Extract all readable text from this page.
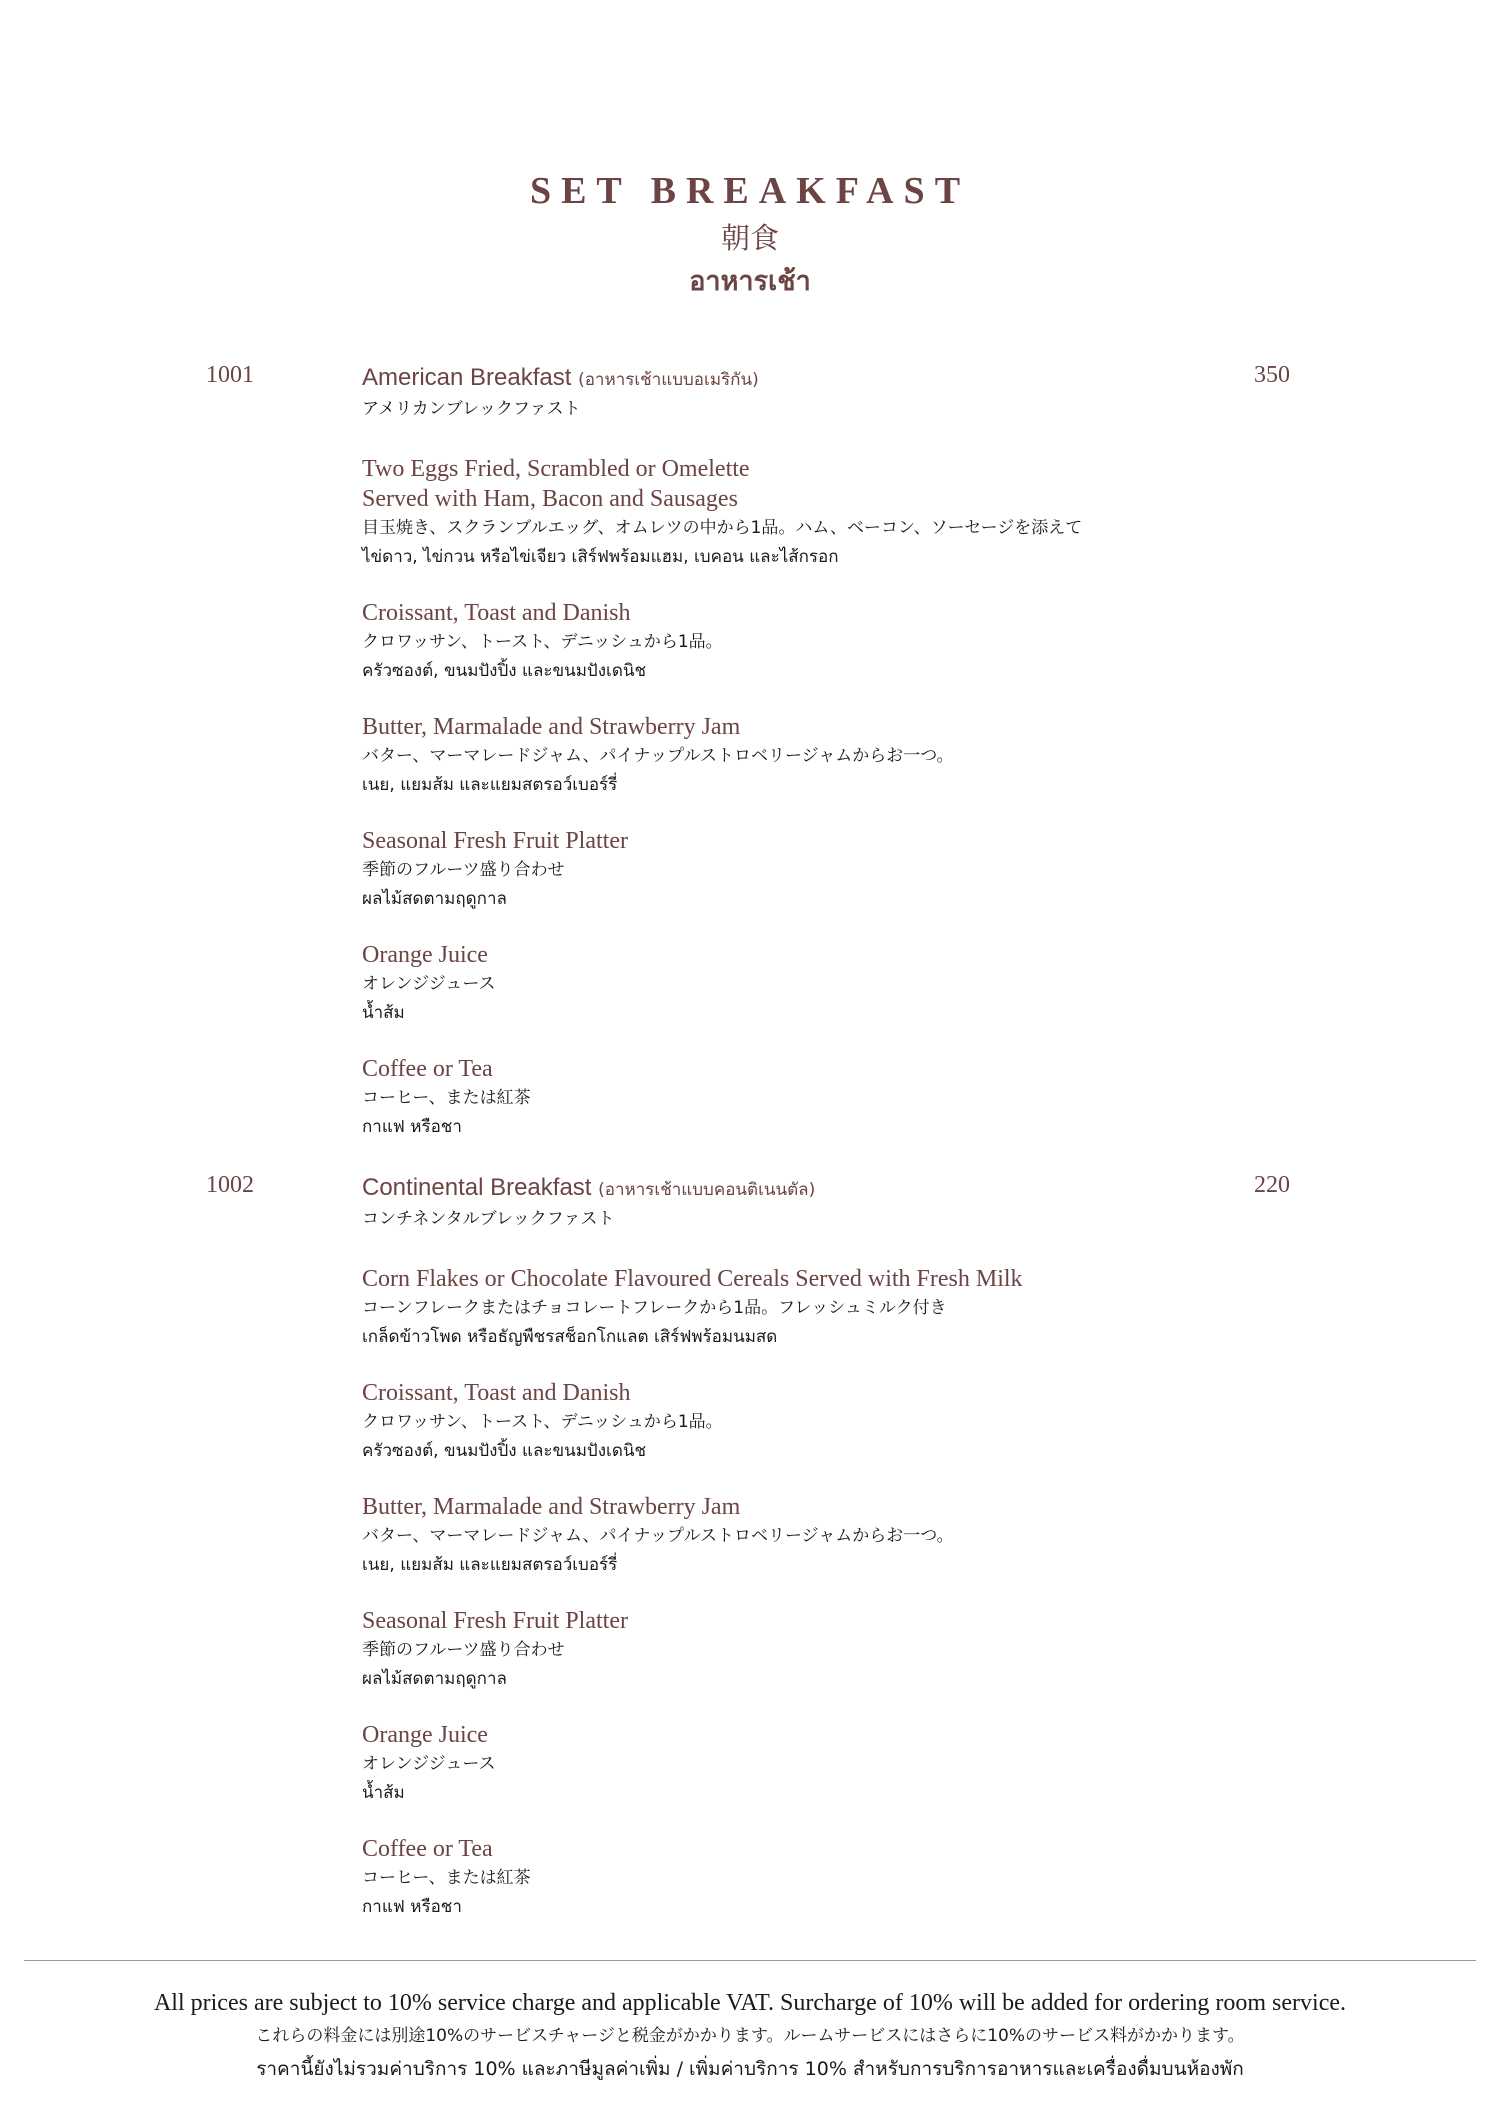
SET BREAKFAST
朝食
อาหารเช้า
1001	American Breakfast (อาหารเช้าแบบอเมริกัน)
アメリカンブレックファスト
Two Eggs Fried, Scrambled or Omelette
Served with Ham, Bacon and Sausages
目玉焼き、スクランブルエッグ、オムレツの中から1品。ハム、ベーコン、ソーセージを添えて
ไข่ดาว, ไข่กวน หรือไข่เจียว เสิร์ฟพร้อมแฮม, เบคอน และไส้กรอก
Croissant, Toast and Danish
クロワッサン、トースト、デニッシュから1品。
ครัวซองต์, ขนมปังปิ้ง และขนมปังเดนิช
Butter, Marmalade and Strawberry Jam
バター、マーマレードジャム、パイナップルストロベリージャムからお一つ。
เนย, แยมส้ม และแยมสตรอว์เบอร์รี่
Seasonal Fresh Fruit Platter
季節のフルーツ盛り合わせ
ผลไม้สดตามฤดูกาล
Orange Juice
オレンジジュース
น้ำส้ม
Coffee or Tea
コーヒー、または紅茶
กาแฟ หรือชา
350
1002	Continental Breakfast (อาหารเช้าแบบคอนติเนนตัล)
コンチネンタルブレックファスト
Corn Flakes or Chocolate Flavoured Cereals Served with Fresh Milk
コーンフレークまたはチョコレートフレークから1品。フレッシュミルク付き
เกล็ดข้าวโพด หรือธัญพืชรสช็อกโกแลต เสิร์ฟพร้อมนมสด
Croissant, Toast and Danish
クロワッサン、トースト、デニッシュから1品。
ครัวซองต์, ขนมปังปิ้ง และขนมปังเดนิช
Butter, Marmalade and Strawberry Jam
バター、マーマレードジャム、パイナップルストロベリージャムからお一つ。
เนย, แยมส้ม และแยมสตรอว์เบอร์รี่
Seasonal Fresh Fruit Platter
季節のフルーツ盛り合わせ
ผลไม้สดตามฤดูกาล
Orange Juice
オレンジジュース
น้ำส้ม
Coffee or Tea
コーヒー、または紅茶
กาแฟ หรือชา
220
All prices are subject to 10% service charge and applicable VAT. Surcharge of 10% will be added for ordering room service.
これらの料金には別途10%のサービスチャージと税金がかかります。ルームサービスにはさらに10%のサービス料がかかります。
ราคานี้ยังไม่รวมค่าบริการ 10% และภาษีมูลค่าเพิ่ม / เพิ่มค่าบริการ 10% สำหรับการบริการอาหารและเครื่องดื่มบนห้องพัก
